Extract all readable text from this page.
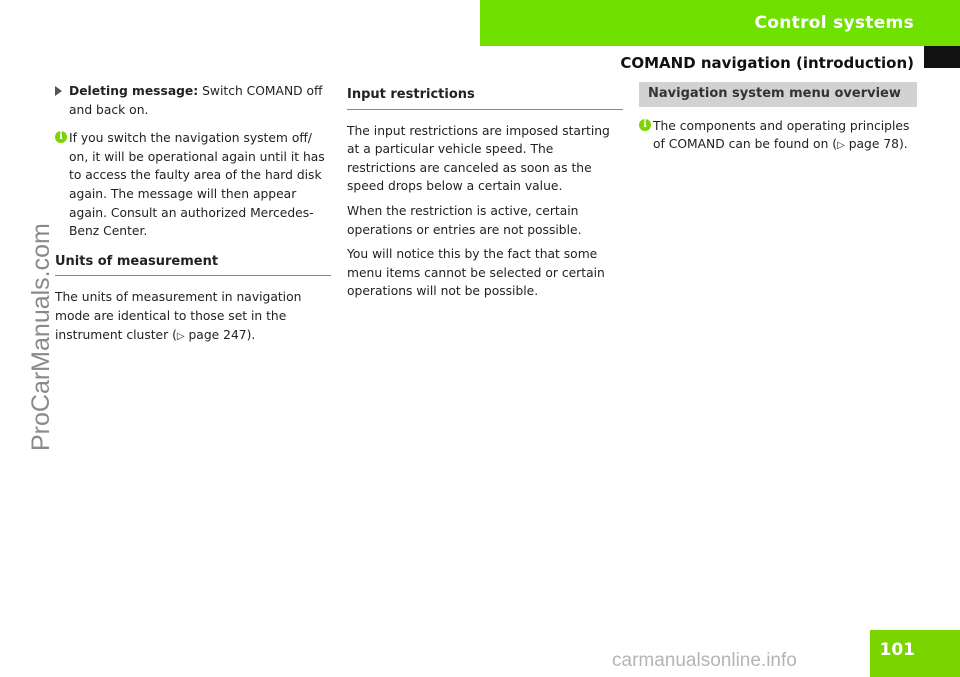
Control systems
COMAND navigation (introduction)
ProCarManuals.com
Deleting message: Switch COMAND off and back on.
i If you switch the navigation system off/ on, it will be operational again until it has to access the faulty area of the hard disk again. The message will then appear again. Consult an authorized Mercedes-Benz Center.
Units of measurement

The units of measurement in navigation mode are identical to those set in the instrument cluster (▷ page 247).

Input restrictions

The input restrictions are imposed starting at a particular vehicle speed. The restrictions are canceled as soon as the speed drops below a certain value.

When the restriction is active, certain operations or entries are not possible.

You will notice this by the fact that some menu items cannot be selected or certain operations will not be possible.

Navigation system menu overview
i The components and operating principles of COMAND can be found on (▷ page 78).
101
carmanualsonline.info
